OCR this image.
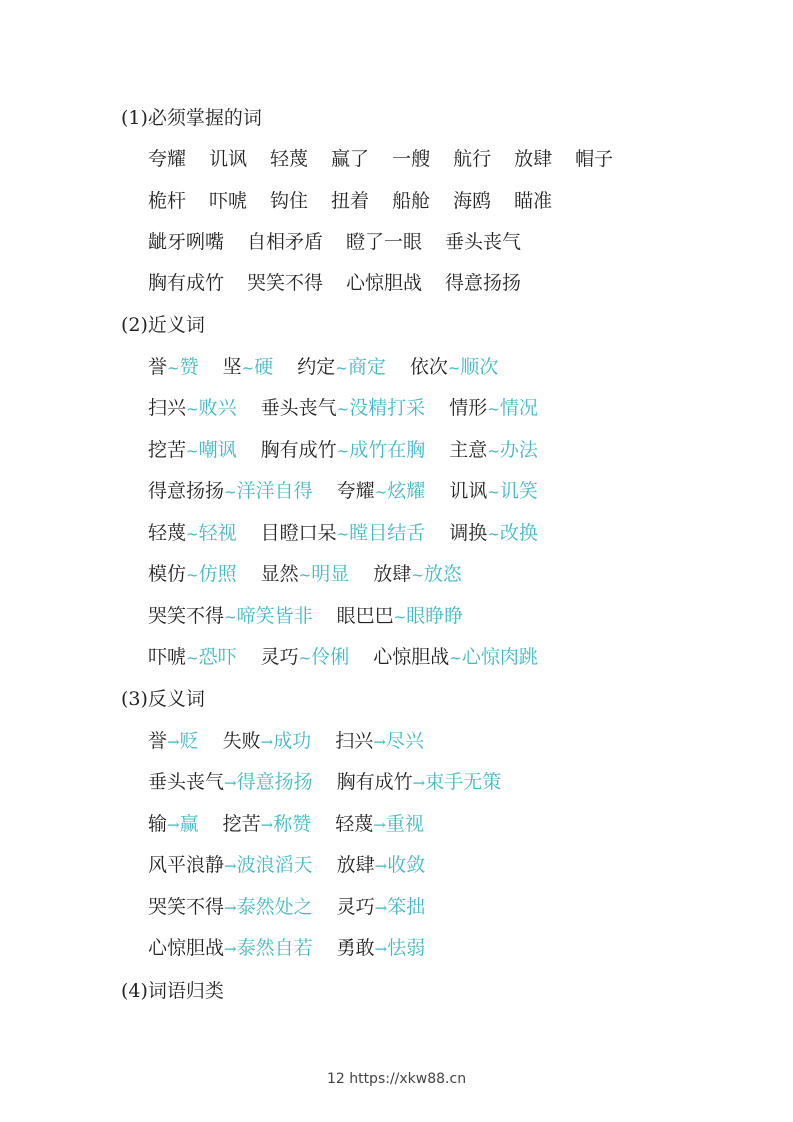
(1)必须掌握的词
夸耀 讥讽 轻蔑 赢了 一艘 航行 放肆 帽子
桅杆 吓唬 钩住 扭着 船舱 海鸥 瞄准
龇牙咧嘴 自相矛盾 瞪了一眼 垂头丧气
胸有成竹 哭笑不得 心惊胆战 得意扬扬
(2)近义词
誉~赞 坚~硬 约定~商定 依次~顺次
扫兴~败兴 垂头丧气~没精打采 情形~情况
挖苦~嘲讽 胸有成竹~成竹在胸 主意~办法
得意扬扬~洋洋自得 夸耀~炫耀 讥讽~讥笑
轻蔑~轻视 目瞪口呆~瞠目结舌 调换~改换
模仿~仿照 显然~明显 放肆~放恣
哭笑不得~啼笑皆非 眼巴巴~眼睁睁
吓唬~恐吓 灵巧~伶俐 心惊胆战~心惊肉跳
(3)反义词
誉→贬 失败→成功 扫兴→尽兴
垂头丧气→得意扬扬 胸有成竹→束手无策
输→赢 挖苦→称赞 轻蔑→重视
风平浪静→波浪滔天 放肆→收敛
哭笑不得→泰然处之 灵巧→笨拙
心惊胆战→泰然自若 勇敢→怯弱
(4)词语归类
12 https://xkw88.cn
